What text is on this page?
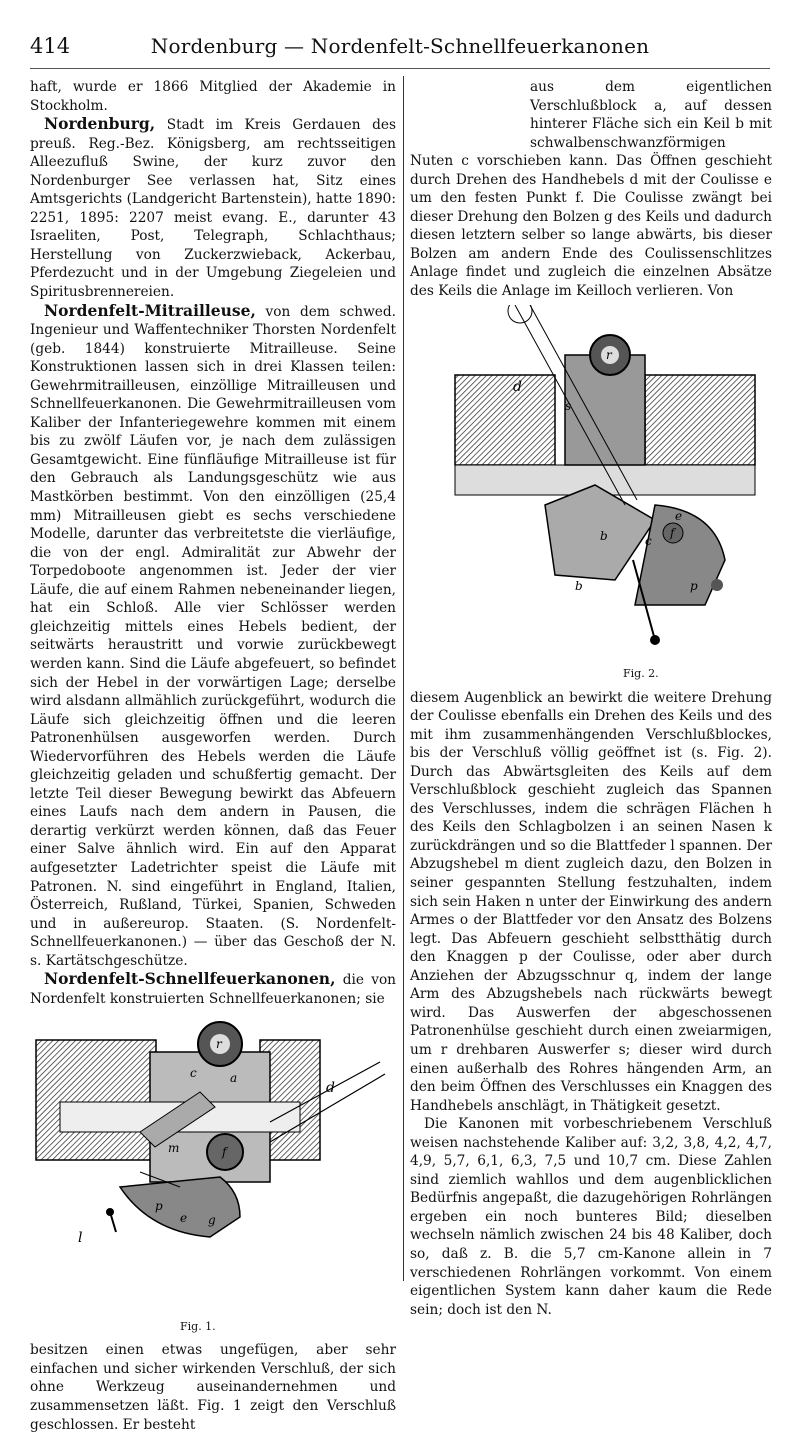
414	Nordenburg — Nordenfelt-Schnellfeuerkanonen

haft, wurde er 1866 Mitglied der Akademie in Stockholm.

Nordenburg, Stadt im Kreis Gerdauen des preuß. Reg.-Bez. Königsberg, am rechtsseitigen Alleezufluß Swine, der kurz zuvor den Nordenburger See verlassen hat, Sitz eines Amtsgerichts (Landgericht Bartenstein), hatte 1890: 2251, 1895: 2207 meist evang. E., darunter 43 Israeliten, Post, Telegraph, Schlachthaus; Herstellung von Zuckerzwieback, Ackerbau, Pferdezucht und in der Umgebung Ziegeleien und Spiritusbrennereien.

Nordenfelt-Mitrailleuse, von dem schwed. Ingenieur und Waffentechniker Thorsten Nordenfelt (geb. 1844) konstruierte Mitrailleuse. Seine Konstruktionen lassen sich in drei Klassen teilen: Gewehrmitrailleusen, einzöllige Mitrailleusen und Schnellfeuerkanonen. Die Gewehrmitrailleusen vom Kaliber der Infanteriegewehre kommen mit einem bis zu zwölf Läufen vor, je nach dem zulässigen Gesamtgewicht. Eine fünfläufige Mitrailleuse ist für den Gebrauch als Landungsgeschütz wie aus Mastkörben bestimmt. Von den einzölligen (25,4 mm) Mitrailleusen giebt es sechs verschiedene Modelle, darunter das verbreitetste die vierläufige, die von der engl. Admiralität zur Abwehr der Torpedoboote angenommen ist. Jeder der vier Läufe, die auf einem Rahmen nebeneinander liegen, hat ein Schloß. Alle vier Schlösser werden gleichzeitig mittels eines Hebels bedient, der seitwärts heraustritt und vorwie zurückbewegt werden kann. Sind die Läufe abgefeuert, so befindet sich der Hebel in der vorwärtigen Lage; derselbe wird alsdann allmählich zurückgeführt, wodurch die Läufe sich gleichzeitig öffnen und die leeren Patronenhülsen ausgeworfen werden. Durch Wiedervorführen des Hebels werden die Läufe gleichzeitig geladen und schußfertig gemacht. Der letzte Teil dieser Bewegung bewirkt das Abfeuern eines Laufs nach dem andern in Pausen, die derartig verkürzt werden können, daß das Feuer einer Salve ähnlich wird. Ein auf den Apparat aufgesetzter Ladetrichter speist die Läufe mit Patronen. N. sind eingeführt in England, Italien, Österreich, Rußland, Türkei, Spanien, Schweden und in außereurop. Staaten. (S. Nordenfelt-Schnellfeuerkanonen.) — über das Geschoß der N. s. Kartätschgeschütze.

Nordenfelt-Schnellfeuerkanonen, die von Nordenfelt konstruierten Schnellfeuerkanonen; sie

d
r
a
c
f
e g
p
m
l
Fig. 1.

besitzen einen etwas ungefügen, aber sehr einfachen und sicher wirkenden Verschluß, der sich ohne Werkzeug auseinandernehmen und zusammensetzen läßt. Fig. 1 zeigt den Verschluß geschlossen. Er besteht

aus dem eigentlichen Verschlußblock a, auf dessen hinterer Fläche sich ein Keil b mit schwalbenschwanzförmigen Nuten c vorschieben kann. Das Öffnen geschieht durch Drehen des Handhebels d mit der Coulisse e um den festen Punkt f. Die Coulisse zwängt bei dieser Drehung den Bolzen g des Keils und dadurch diesen letztern selber so lange abwärts, bis dieser Bolzen am andern Ende des Coulissenschlitzes Anlage findet und zugleich die einzelnen Absätze des Keils die Anlage im Keilloch verlieren. Von

s
r
d
b
e
f
p
b
c
Fig. 2.

diesem Augenblick an bewirkt die weitere Drehung der Coulisse ebenfalls ein Drehen des Keils und des mit ihm zusammenhängenden Verschlußblockes, bis der Verschluß völlig geöffnet ist (s. Fig. 2). Durch das Abwärtsgleiten des Keils auf dem Verschlußblock geschieht zugleich das Spannen des Verschlusses, indem die schrägen Flächen h des Keils den Schlagbolzen i an seinen Nasen k zurückdrängen und so die Blattfeder l spannen. Der Abzugshebel m dient zugleich dazu, den Bolzen in seiner gespannten Stellung festzuhalten, indem sich sein Haken n unter der Einwirkung des andern Armes o der Blattfeder vor den Ansatz des Bolzens legt. Das Abfeuern geschieht selbstthätig durch den Knaggen p der Coulisse, oder aber durch Anziehen der Abzugsschnur q, indem der lange Arm des Abzugshebels nach rückwärts bewegt wird. Das Auswerfen der abgeschossenen Patronenhülse geschieht durch einen zweiarmigen, um r drehbaren Auswerfer s; dieser wird durch einen außerhalb des Rohres hängenden Arm, an den beim Öffnen des Verschlusses ein Knaggen des Handhebels anschlägt, in Thätigkeit gesetzt.

Die Kanonen mit vorbeschriebenem Verschluß weisen nachstehende Kaliber auf: 3,2, 3,8, 4,2, 4,7, 4,9, 5,7, 6,1, 6,3, 7,5 und 10,7 cm. Diese Zahlen sind ziemlich wahllos und dem augenblicklichen Bedürfnis angepaßt, die dazugehörigen Rohrlängen ergeben ein noch bunteres Bild; dieselben wechseln nämlich zwischen 24 bis 48 Kaliber, doch so, daß z. B. die 5,7 cm-Kanone allein in 7 verschiedenen Rohrlängen vorkommt. Von einem eigentlichen System kann daher kaum die Rede sein; doch ist den N.
